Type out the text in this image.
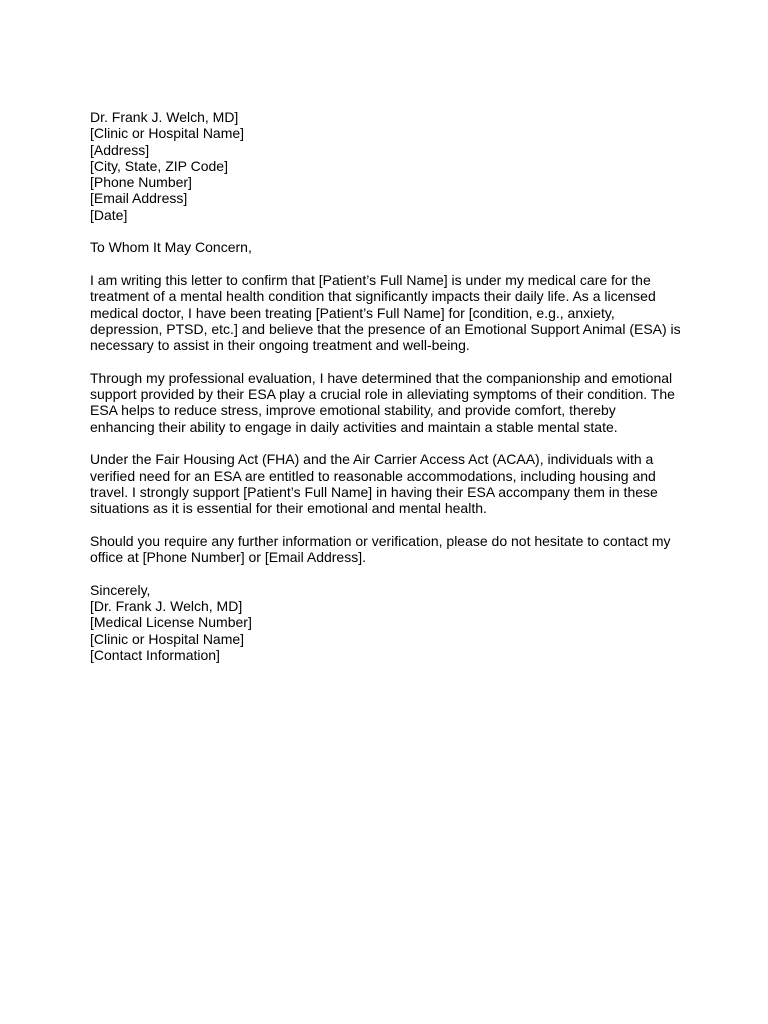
Dr. Frank J. Welch, MD]
[Clinic or Hospital Name]
[Address]
[City, State, ZIP Code]
[Phone Number]
[Email Address]
[Date]
To Whom It May Concern,
I am writing this letter to confirm that [Patient’s Full Name] is under my medical care for the
treatment of a mental health condition that significantly impacts their daily life. As a licensed
medical doctor, I have been treating [Patient’s Full Name] for [condition, e.g., anxiety,
depression, PTSD, etc.] and believe that the presence of an Emotional Support Animal (ESA) is
necessary to assist in their ongoing treatment and well-being.
Through my professional evaluation, I have determined that the companionship and emotional
support provided by their ESA play a crucial role in alleviating symptoms of their condition. The
ESA helps to reduce stress, improve emotional stability, and provide comfort, thereby
enhancing their ability to engage in daily activities and maintain a stable mental state.
Under the Fair Housing Act (FHA) and the Air Carrier Access Act (ACAA), individuals with a
verified need for an ESA are entitled to reasonable accommodations, including housing and
travel. I strongly support [Patient’s Full Name] in having their ESA accompany them in these
situations as it is essential for their emotional and mental health.
Should you require any further information or verification, please do not hesitate to contact my
office at [Phone Number] or [Email Address].
Sincerely,
[Dr. Frank J. Welch, MD]
[Medical License Number]
[Clinic or Hospital Name]
[Contact Information]
